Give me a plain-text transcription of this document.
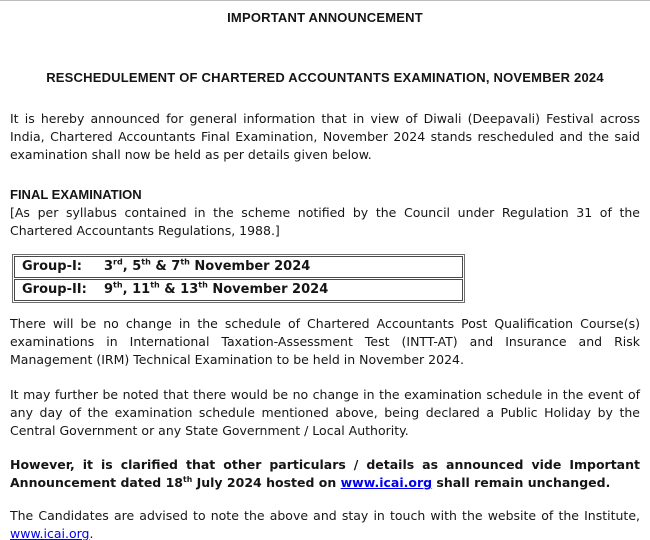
IMPORTANT ANNOUNCEMENT
RESCHEDULEMENT OF CHARTERED ACCOUNTANTS EXAMINATION, NOVEMBER 2024
It is hereby announced for general information that in view of Diwali (Deepavali) Festival across India, Chartered Accountants Final Examination, November 2024 stands rescheduled and the said examination shall now be held as per details given below.
FINAL EXAMINATION
[As per syllabus contained in the scheme notified by the Council under Regulation 31 of the Chartered Accountants Regulations, 1988.]
Group-I: 3rd, 5th & 7th November 2024
Group-II: 9th, 11th & 13th November 2024
There will be no change in the schedule of Chartered Accountants Post Qualification Course(s) examinations in International Taxation-Assessment Test (INTT-AT) and Insurance and Risk Management (IRM) Technical Examination to be held in November 2024.
It may further be noted that there would be no change in the examination schedule in the event of any day of the examination schedule mentioned above, being declared a Public Holiday by the Central Government or any State Government / Local Authority.
However, it is clarified that other particulars / details as announced vide Important Announcement dated 18th July 2024 hosted on www.icai.org shall remain unchanged.
The Candidates are advised to note the above and stay in touch with the website of the Institute, www.icai.org.
